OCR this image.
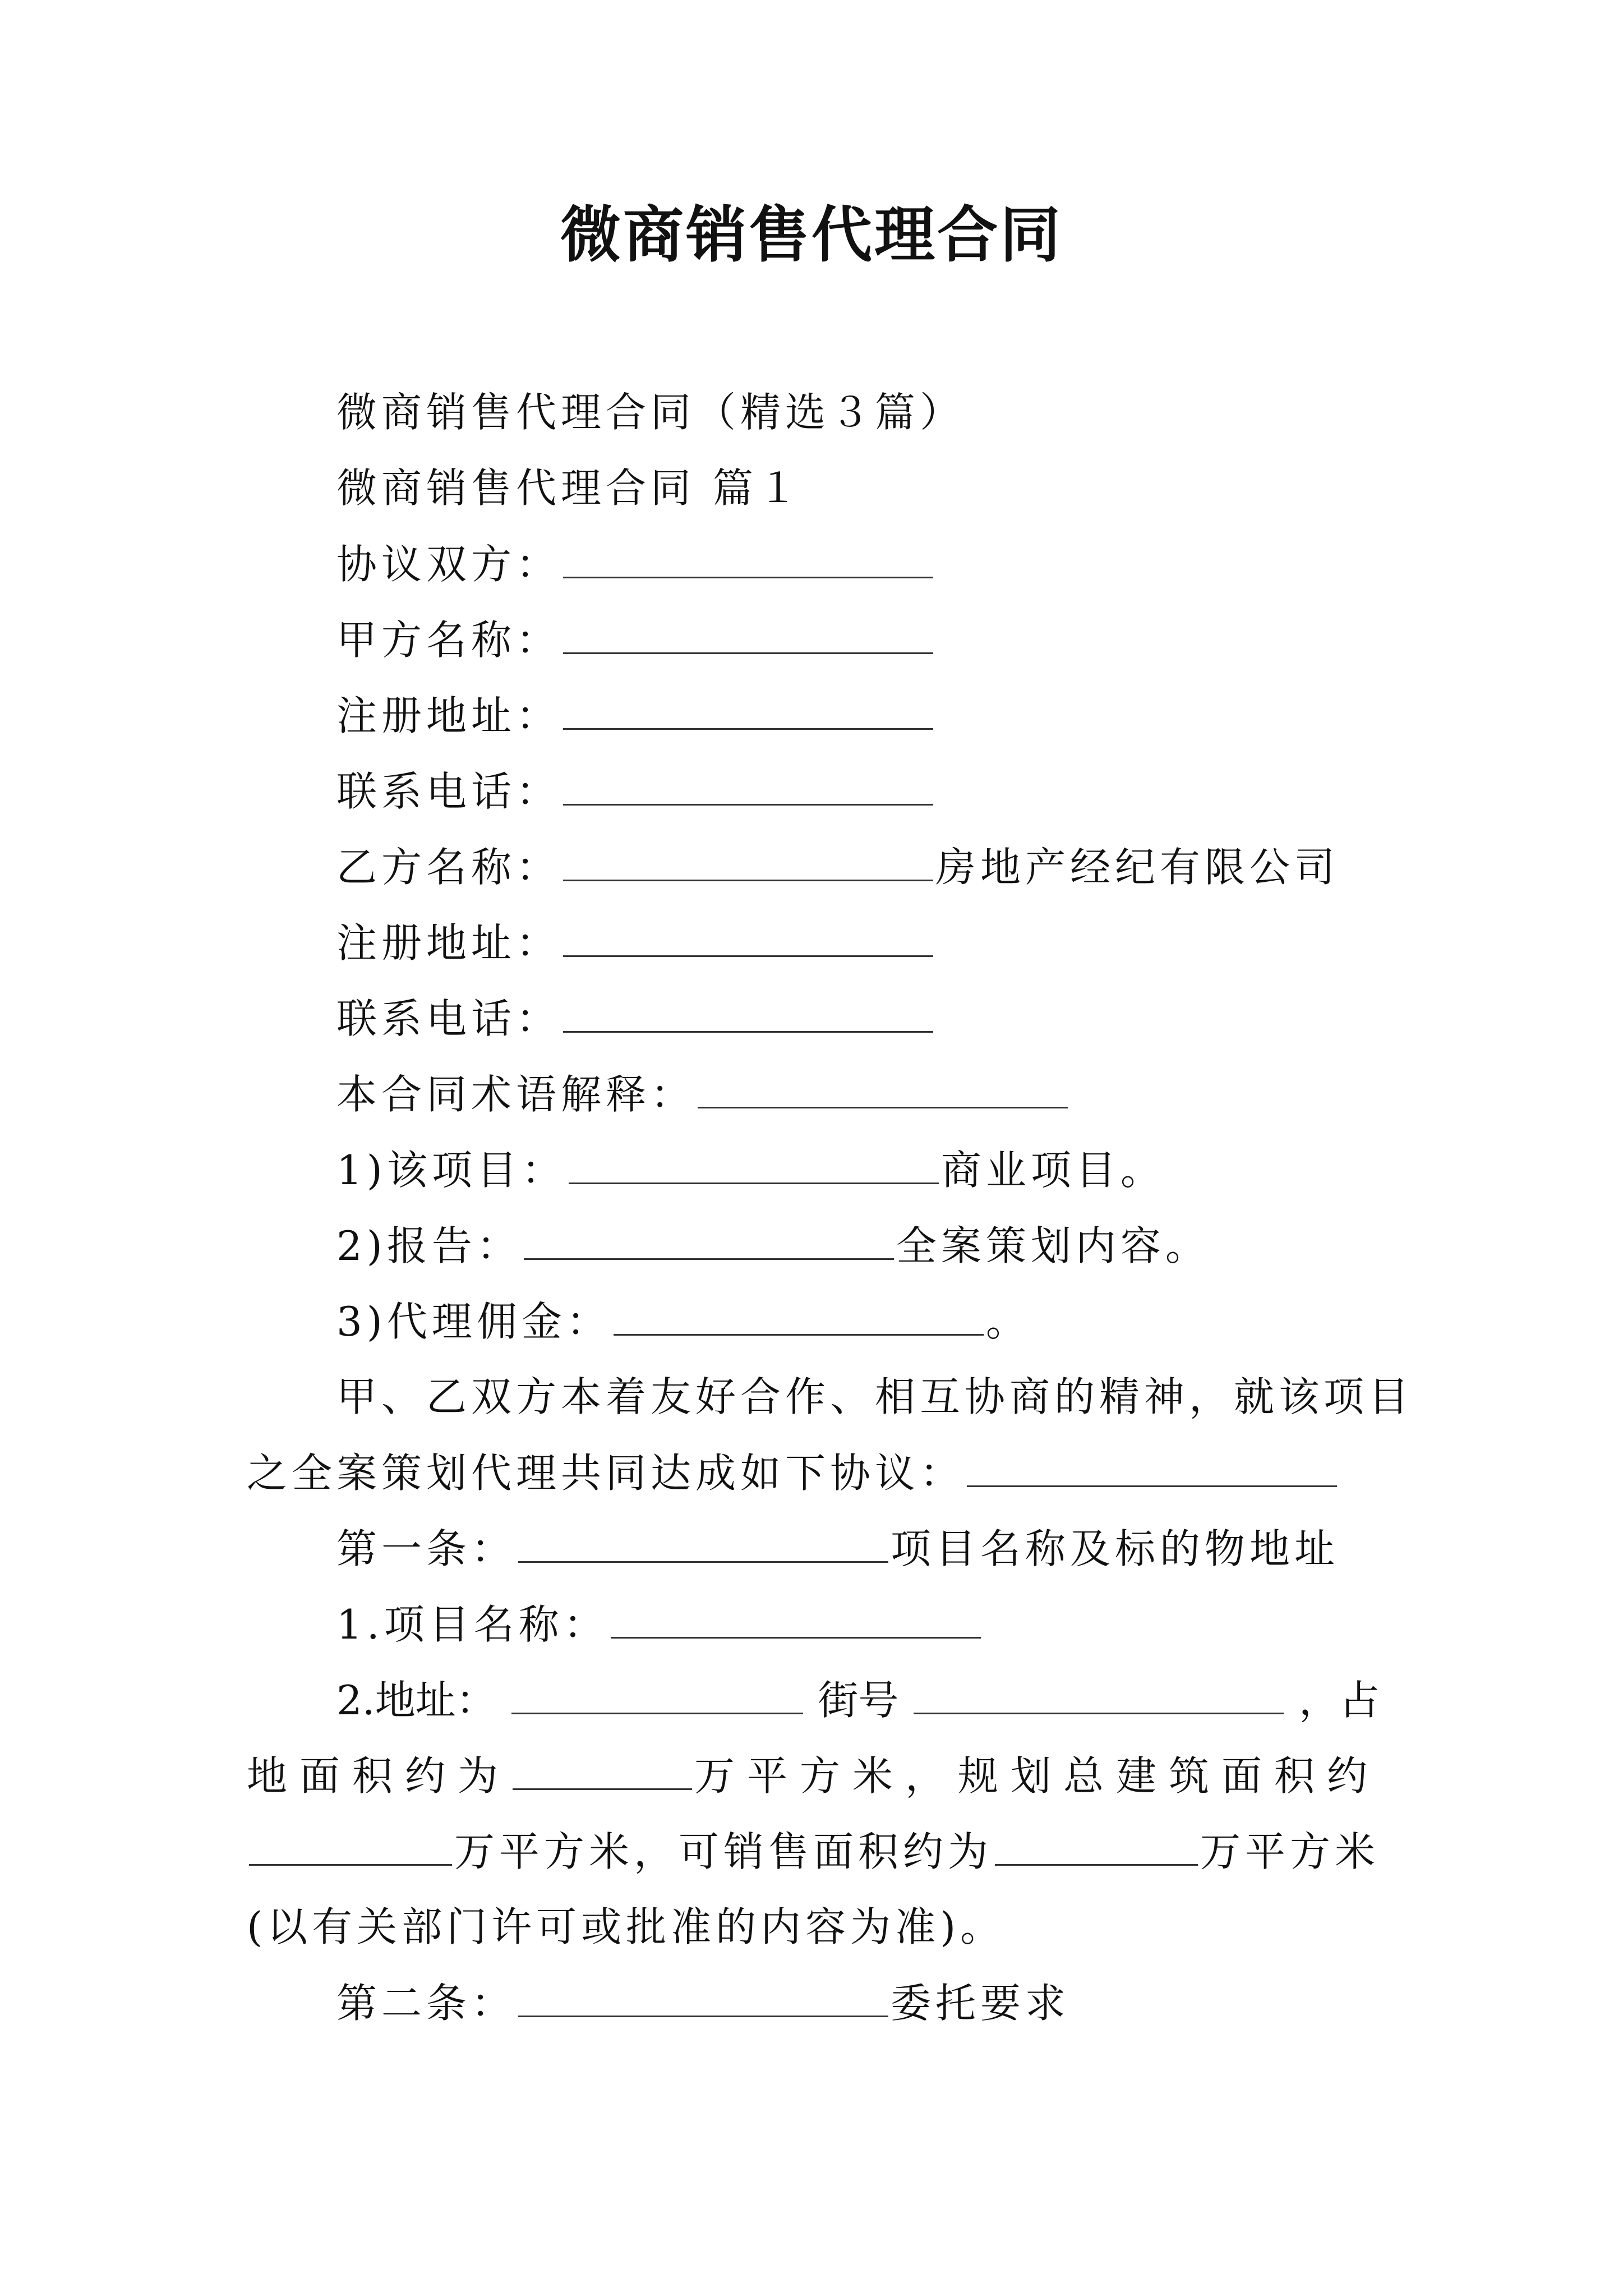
微商销售代理合同
微商销售代理合同（精选３篇）
微商销售代理合同 篇１
协议双方：
甲方名称：
注册地址：
联系电话：
乙方名称：	房地产经纪有限公司
注册地址：
联系电话：
本合同术语解释：
1)该项目：	商业项目。
2)报告：	全案策划内容。
3)代理佣金：	。
甲、乙双方本着友好合作、相互协商的精神，就该项目
之全案策划代理共同达成如下协议：
第一条：	项目名称及标的物地址
1.项目名称：
2.地址：	街号	，占
地面积约为	万平方米，规划总建筑面积约
万平方米，可销售面积约为	万平方米
(以有关部门许可或批准的内容为准)。
第二条：	委托要求
